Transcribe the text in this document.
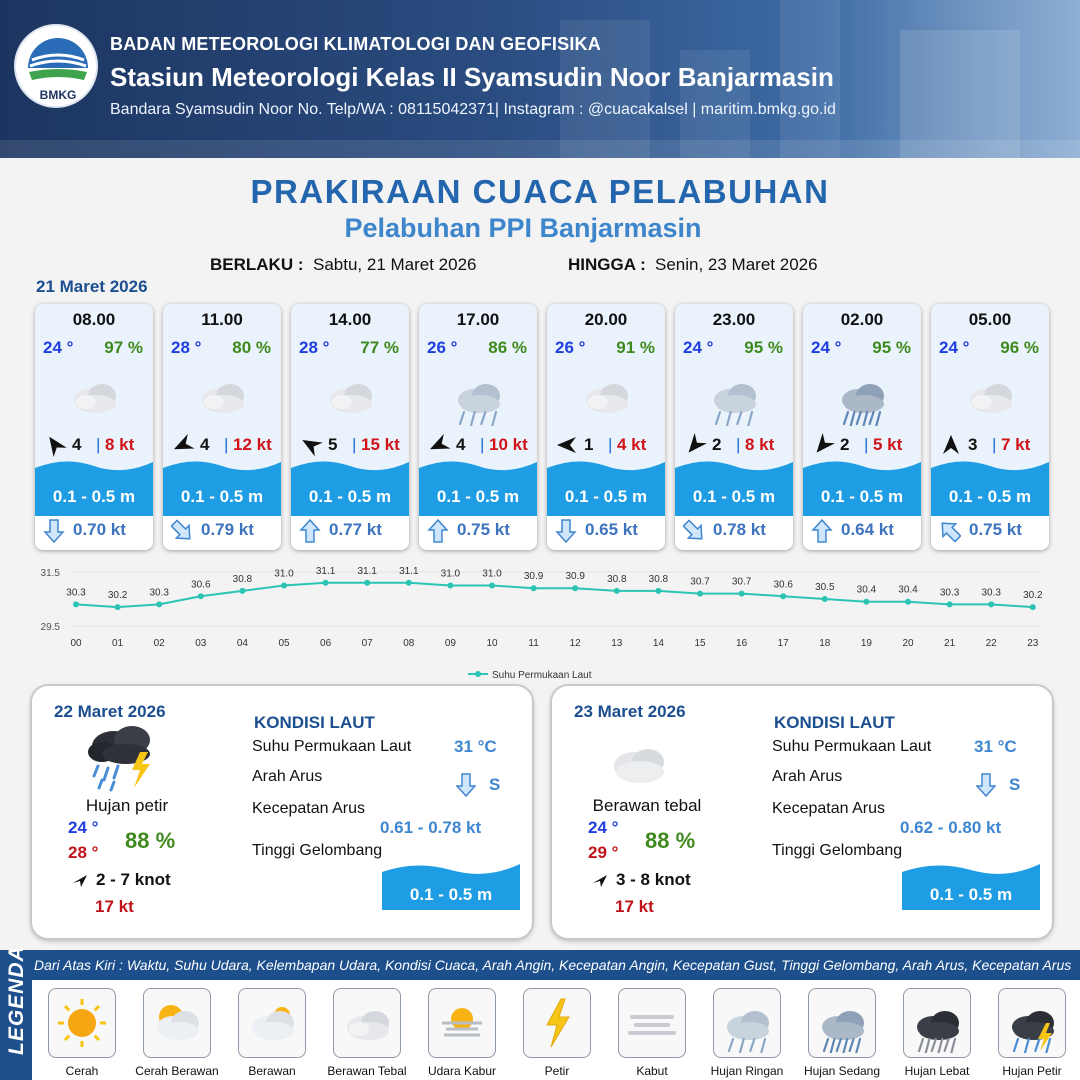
BMKG
BADAN METEOROLOGI KLIMATOLOGI DAN GEOFISIKA
Stasiun Meteorologi Kelas II Syamsudin Noor Banjarmasin
Bandara Syamsudin Noor No. Telp/WA : 08115042371| Instagram : @cuacakalsel | maritim.bmkg.go.id
PRAKIRAAN CUACA PELABUHAN
Pelabuhan PPI Banjarmasin
BERLAKU : Sabtu, 21 Maret 2026	HINGGA : Senin, 23 Maret 2026
21 Maret 2026
08.00
24 ° 97 %
4 | 8 kt
0.1 - 0.5 m
0.70 kt
11.00
28 ° 80 %
4 | 12 kt
0.1 - 0.5 m
0.79 kt
14.00
28 ° 77 %
5 | 15 kt
0.1 - 0.5 m
0.77 kt
17.00
26 ° 86 %
4 | 10 kt
0.1 - 0.5 m
0.75 kt
20.00
26 ° 91 %
1 | 4 kt
0.1 - 0.5 m
0.65 kt
23.00
24 ° 95 %
2 | 8 kt
0.1 - 0.5 m
0.78 kt
02.00
24 ° 95 %
2 | 5 kt
0.1 - 0.5 m
0.64 kt
05.00
24 ° 96 %
3 | 7 kt
0.1 - 0.5 m
0.75 kt
31.5
29.5
30.3
00
30.2
01
30.3
02
30.6
03
30.8
04
31.0
05
31.1
06
31.1
07
31.1
08
31.0
09
31.0
10
30.9
11
30.9
12
30.8
13
30.8
14
30.7
15
30.7
16
30.6
17
30.5
18
30.4
19
30.4
20
30.3
21
30.3
22
30.2
23
Suhu Permukaan Laut
22 Maret 2026
Hujan petir
24 °
28 ° 88 %
2 - 7 knot
17 kt
KONDISI LAUT
Suhu Permukaan Laut	31 °C
Arah Arus	S
Kecepatan Arus
0.61 - 0.78 kt
Tinggi Gelombang
0.1 - 0.5 m
23 Maret 2026
Berawan tebal
24 °
29 ° 88 %
3 - 8 knot
17 kt
KONDISI LAUT
Suhu Permukaan Laut	31 °C
Arah Arus	S
Kecepatan Arus
0.62 - 0.80 kt
Tinggi Gelombang
0.1 - 0.5 m
LEGENDA Dari Atas Kiri : Waktu, Suhu Udara, Kelembapan Udara, Kondisi Cuaca, Arah Angin, Kecepatan Angin, Kecepatan Gust, Tinggi Gelombang, Arah Arus, Kecepatan Arus
Cerah	Cerah Berawan	Berawan	Berawan Tebal	Udara Kabur	Petir	Kabut	Hujan Ringan	Hujan Sedang	Hujan Lebat	Hujan Petir
